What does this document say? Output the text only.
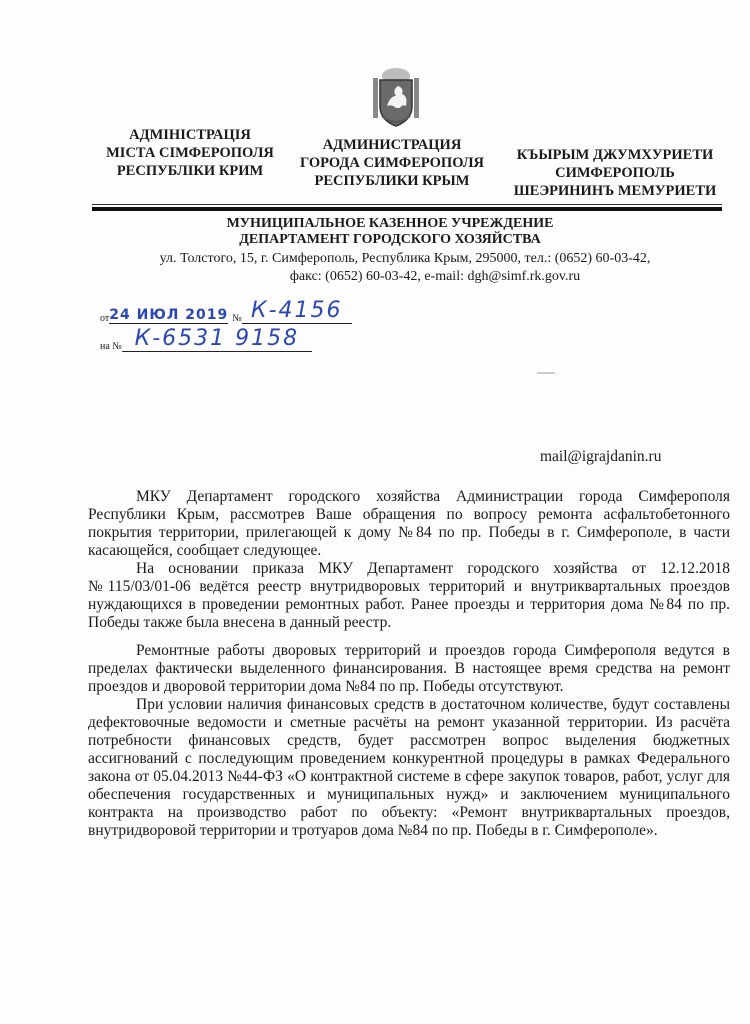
АДМІНІСТРАЦІЯ
МІСТА СІМФЕРОПОЛЯ
РЕСПУБЛІКИ КРИМ
АДМИНИСТРАЦИЯ
ГОРОДА СИМФЕРОПОЛЯ
РЕСПУБЛИКИ КРЫМ
КЪЫРЫМ ДЖУМХУРИЕТИ
СИМФЕРОПОЛЬ
ШЕЭРИНИНЪ МЕМУРИЕТИ
МУНИЦИПАЛЬНОЕ КАЗЕННОЕ УЧРЕЖДЕНИЕ
ДЕПАРТАМЕНТ ГОРОДСКОГО ХОЗЯЙСТВА
ул. Толстого, 15, г. Симферополь, Республика Крым, 295000, тел.: (0652) 60-03-42,
факс: (0652) 60-03-42, e-mail: dgh@simf.rk.gov.ru
от 24 ИЮЛ 2019 № К-4156
на № К-6531 9158
mail@igrajdanin.ru

МКУ Департамент городского хозяйства Администрации города Симферополя Республики Крым, рассмотрев Ваше обращения по вопросу ремонта асфальтобетонного покрытия территории, прилегающей к дому №84 по пр. Победы в г. Симферополе, в части касающейся, сообщает следующее.

На основании приказа МКУ Департамент городского хозяйства от 12.12.2018 №115/03/01-06 ведётся реестр внутридворовых территорий и внутриквартальных проездов нуждающихся в проведении ремонтных работ. Ранее проезды и территория дома №84 по пр. Победы также была внесена в данный реестр.

Ремонтные работы дворовых территорий и проездов города Симферополя ведутся в пределах фактически выделенного финансирования. В настоящее время средства на ремонт проездов и дворовой территории дома №84 по пр. Победы отсутствуют.

При условии наличия финансовых средств в достаточном количестве, будут составлены дефектовочные ведомости и сметные расчёты на ремонт указанной территории. Из расчёта потребности финансовых средств, будет рассмотрен вопрос выделения бюджетных ассигнований с последующим проведением конкурентной процедуры в рамках Федерального закона от 05.04.2013 №44-ФЗ «О контрактной системе в сфере закупок товаров, работ, услуг для обеспечения государственных и муниципальных нужд» и заключением муниципального контракта на производство работ по объекту: «Ремонт внутриквартальных проездов, внутридворовой территории и тротуаров дома №84 по пр. Победы в г. Симферополе».
